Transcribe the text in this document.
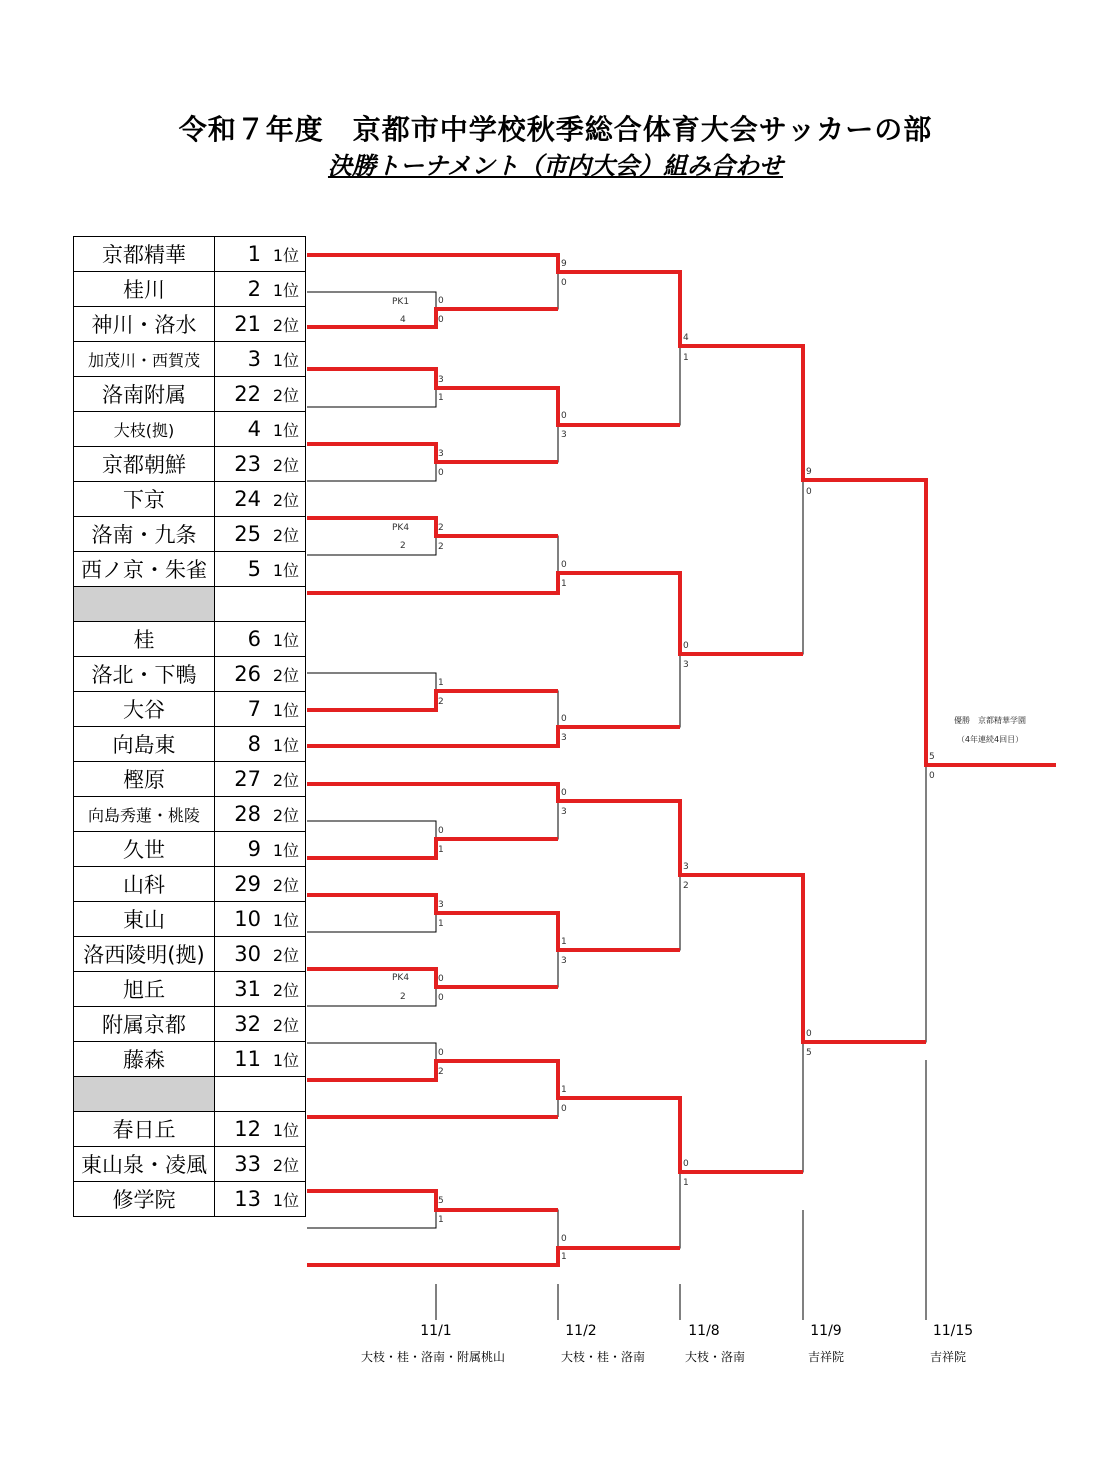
令和７年度　京都市中学校秋季総合体育大会サッカーの部
決勝トーナメント（市内大会）組み合わせ
京都精華	1 1位
桂川	2 1位
神川・洛水	21 2位
加茂川・西賀茂	3 1位
洛南附属	22 2位
大枝(拠)	4 1位
京都朝鮮	23 2位
下京	24 2位
洛南・九条	25 2位
西ノ京・朱雀	5 1位

桂	6 1位
洛北・下鴨	26 2位
大谷	7 1位
向島東	8 1位
樫原	27 2位
向島秀蓮・桃陵	28 2位
久世	9 1位
山科	29 2位
東山	10 1位
洛西陵明(拠)	30 2位
旭丘	31 2位
附属京都	32 2位
藤森	11 1位

春日丘	12 1位
東山泉・凌風	33 2位
修学院	13 1位
PK1
4
PK4
2
PK4
2
9
0
0
0
4
1
3
1
0
3
3
0	9
0
2
2
0
1
0
3
1
2
0
3
0
3
3
2
0
1
3
1
1
3
0
0
0
5
0
2
1
0
0
1
5
1
0
1
5
0
優勝　京都精華学園
（4年連続4回目）
11/1	11/2	11/8	11/9	11/15
大枝・桂・洛南・附属桃山	大枝・桂・洛南	大枝・洛南	吉祥院	吉祥院
